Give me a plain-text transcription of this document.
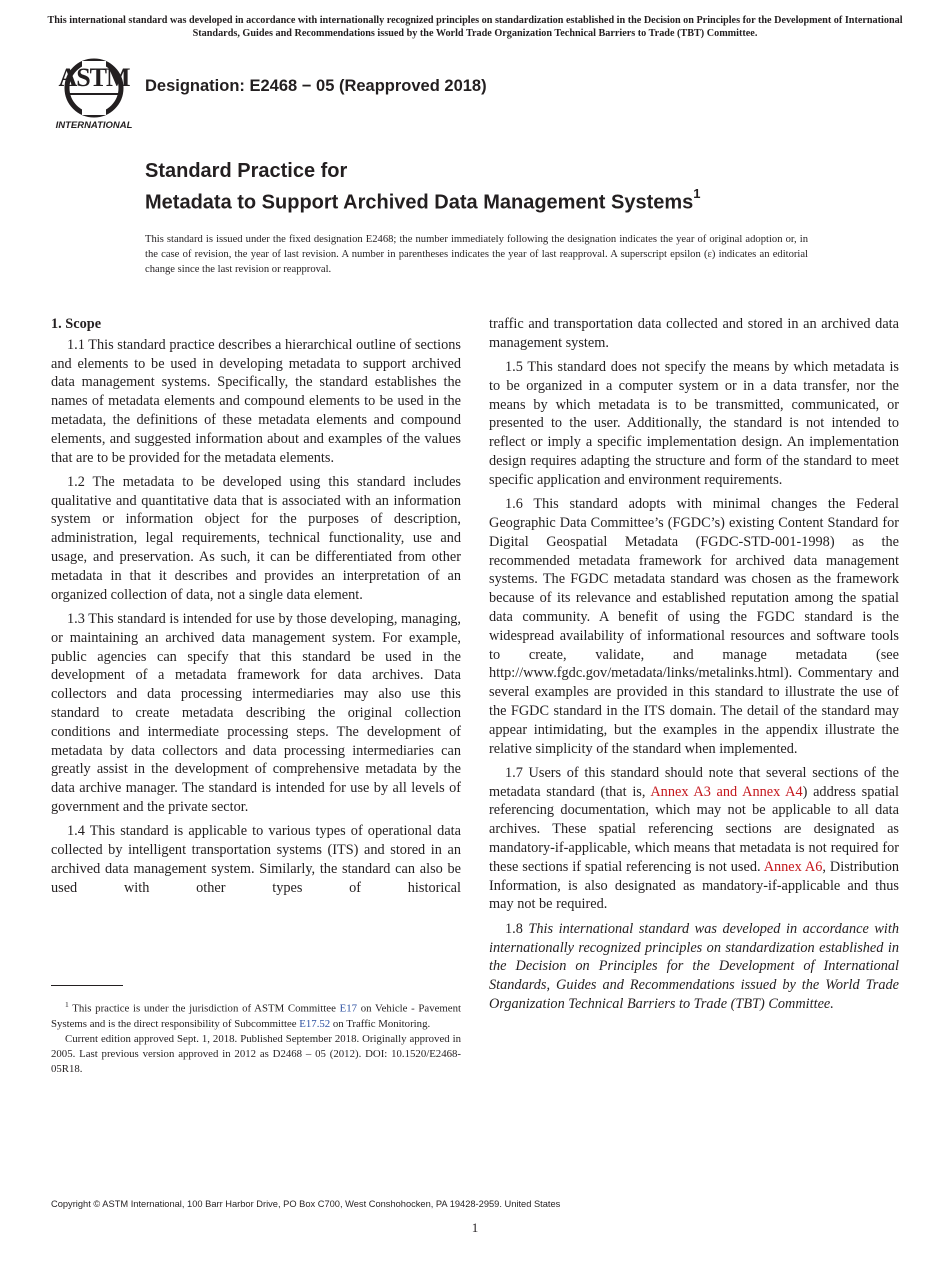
This international standard was developed in accordance with internationally recognized principles on standardization established in the Decision on Principles for the Development of International Standards, Guides and Recommendations issued by the World Trade Organization Technical Barriers to Trade (TBT) Committee.
ASTM
INTERNATIONAL
Designation: E2468 − 05 (Reapproved 2018)
Standard Practice for
Metadata to Support Archived Data Management Systems$^1$
This standard is issued under the fixed designation E2468; the number immediately following the designation indicates the year of original adoption or, in the case of revision, the year of last revision. A number in parentheses indicates the year of last reapproval. A superscript epsilon (ε) indicates an editorial change since the last revision or reapproval.
1. Scope

1.1 This standard practice describes a hierarchical outline of sections and elements to be used in developing metadata to support archived data management systems. Specifically, the standard establishes the names of metadata elements and compound elements to be used in the metadata, the definitions of these metadata elements and compound elements, and suggested information about and examples of the values that are to be provided for the metadata elements.

1.2 The metadata to be developed using this standard includes qualitative and quantitative data that is associated with an information system or information object for the purposes of description, administration, legal requirements, technical functionality, use and usage, and preservation. As such, it can be differentiated from other metadata in that it describes and provides an interpretation of an organized collection of data, not a single data element.

1.3 This standard is intended for use by those developing, managing, or maintaining an archived data management system. For example, public agencies can specify that this standard be used in the development of a metadata framework for data archives. Data collectors and data processing intermediaries may also use this standard to create metadata describing the original collection conditions and intermediate processing steps. The development of metadata by data collectors and data processing intermediaries can greatly assist in the development of comprehensive metadata by the data archive manager. The standard is intended for use by all levels of government and the private sector.

1.4 This standard is applicable to various types of operational data collected by intelligent transportation systems (ITS) and stored in an archived data management system. Similarly, the standard can also be used with other types of historical

traffic and transportation data collected and stored in an archived data management system.

1.5 This standard does not specify the means by which metadata is to be organized in a computer system or in a data transfer, nor the means by which metadata is to be transmitted, communicated, or presented to the user. Additionally, the standard is not intended to reflect or imply a specific implementation design. An implementation design requires adapting the structure and form of the standard to meet specific application and environment requirements.

1.6 This standard adopts with minimal changes the Federal Geographic Data Committee’s (FGDC’s) existing Content Standard for Digital Geospatial Metadata (FGDC-STD-001-1998) as the recommended metadata framework for archived data management systems. The FGDC metadata standard was chosen as the framework because of its relevance and established reputation among the spatial data community. A benefit of using the FGDC standard is the widespread availability of informational resources and software tools to create, validate, and manage metadata (see http://www.fgdc.gov/metadata/links/metalinks.html). Commentary and several examples are provided in this standard to illustrate the use of the FGDC standard in the ITS domain. The detail of the standard may appear intimidating, but the examples in the appendix illustrate the relative simplicity of the standard when implemented.

1.7 Users of this standard should note that several sections of the metadata standard (that is, Annex A3 and Annex A4) address spatial referencing documentation, which may not be applicable to all data archives. These spatial referencing sections are designated as mandatory-if-applicable, which means that metadata is not required for these sections if spatial referencing is not used. Annex A6, Distribution Information, is also designated as mandatory-if-applicable and thus may not be required.

1.8 This international standard was developed in accordance with internationally recognized principles on standardization established in the Decision on Principles for the Development of International Standards, Guides and Recommendations issued by the World Trade Organization Technical Barriers to Trade (TBT) Committee.

$^1$ This practice is under the jurisdiction of ASTM Committee E17 on Vehicle - Pavement Systems and is the direct responsibility of Subcommittee E17.52 on Traffic Monitoring.

Current edition approved Sept. 1, 2018. Published September 2018. Originally approved in 2005. Last previous version approved in 2012 as D2468 – 05 (2012). DOI: 10.1520/E2468-05R18.

Copyright © ASTM International, 100 Barr Harbor Drive, PO Box C700, West Conshohocken, PA 19428-2959. United States
1
